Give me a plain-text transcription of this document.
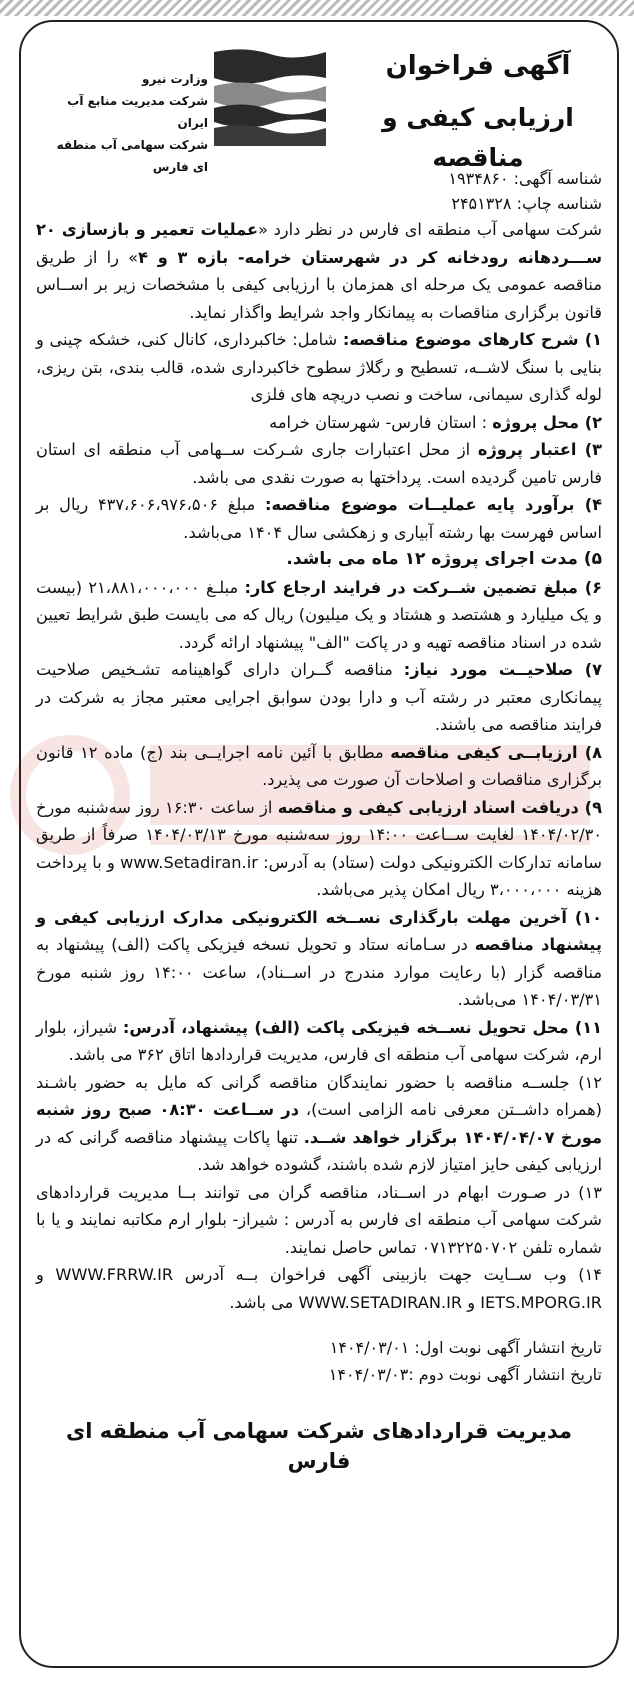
آگهی فراخوان
ارزیابی کیفی و مناقصه
وزارت نیرو
شرکت مدیریت منابع آب ایران
شرکت سهامی آب منطقه ای فارس
شناسه آگهی: ۱۹۳۴۸۶۰
شناسه چاپ: ۲۴۵۱۳۲۸

شرکت سهامی آب منطقه ای فارس در نظر دارد «عملیات تعمیر و بازسازی ۲۰ ســـردهانه رودخانه کر در شهرستان خرامه- بازه ۳ و ۴» را از طریق مناقصه عمومی یک مرحله ای همزمان با ارزیابی کیفی با مشخصات زیر بر اســاس قانون برگزاری مناقصات به پیمانکار واجد شرایط واگذار نماید.

۱) شرح کارهای موضوع مناقصه: شامل: خاکبرداری، کانال کنی، خشکه چینی و بنایی با سنگ لاشــه، تسطیح و رگلاژ سطوح خاکبرداری شده، قالب بندی، بتن ریزی، لوله گذاری سیمانی، ساخت و نصب دریچه های فلزی

۲) محل پروژه : استان فارس- شهرستان خرامه

۳) اعتبار پروژه از محل اعتبارات جاری شـرکت ســهامی آب منطقه ای استان فارس تامین گردیده است. پرداختها به صورت نقدی می باشد.

۴) برآورد پایه عملیــات موضوع مناقصه: مبلغ ۴۳۷،۶۰۶،۹۷۶،۵۰۶ ریال بر اساس فهرست بها رشته آبیاری و زهکشی سال ۱۴۰۴ می‌باشد.

۵) مدت اجرای پروژه ۱۲ ماه می باشد.

۶) مبلغ تضمین شــرکت در فرایند ارجاع کار: مبلـغ ۲۱،۸۸۱،۰۰۰،۰۰۰ (بیست و یک میلیارد و هشتصد و هشتاد و یک میلیون) ریال که می بایست طبق شرایط تعیین شده در اسناد مناقصه تهیه و در پاکت "الف" پیشنهاد ارائه گردد.

۷) صلاحیــت مورد نیاز: مناقصه گــران دارای گواهینامه تشـخیص صلاحیت پیمانکاری معتبر در رشته آب و دارا بودن سوابق اجرایی معتبر مجاز به شرکت در فرایند مناقصه می باشند.

۸) ارزیابــی کیفی مناقصه مطابق با آئین نامه اجرایــی بند (ج) ماده ۱۲ قانون برگزاری مناقصات و اصلاحات آن صورت می پذیرد.

۹) دریافت اسناد ارزیابی کیفی و مناقصه از ساعت ۱۶:۳۰ روز سه‌شنبه مورخ ۱۴۰۴/۰۲/۳۰ لغایت ســاعت ۱۴:۰۰ روز سه‌شنبه مورخ ۱۴۰۴/۰۳/۱۳ صرفاً از طریق سامانه تدارکات الکترونیکی دولت (ستاد) به آدرس: www.Setadiran.ir و با پرداخت هزینه ۳،۰۰۰،۰۰۰ ریال امکان پذیر می‌باشد.

۱۰) آخرین مهلت بارگذاری نســخه الکترونیکی مدارک ارزیابی کیفی و پیشنهاد مناقصه در سـامانه ستاد و تحویل نسخه فیزیکی پاکت (الف) پیشنهاد به مناقصه گزار (با رعایت موارد مندرج در اســناد)، ساعت ۱۴:۰۰ روز شنبه مورخ ۱۴۰۴/۰۳/۳۱ می‌باشد.

۱۱) محل تحویل نســخه فیزیکی پاکت (الف) پیشنهاد، آدرس: شیراز، بلوار ارم، شرکت سهامی آب منطقه ای فارس، مدیریت قراردادها اتاق ۳۶۲ می باشد.

۱۲) جلســه مناقصه با حضور نمایندگان مناقصه گرانی که مایل به حضور باشـند (همراه داشــتن معرفی نامه الزامی است)، در ســاعت ۰۸:۳۰ صبح روز شنبه مورخ ۱۴۰۴/۰۴/۰۷ برگزار خواهد شــد. تنها پاکات پیشنهاد مناقصه گرانی که در ارزیابی کیفی حایز امتیاز لازم شده باشند، گشوده خواهد شد.

۱۳) در صـورت ابهام در اســناد، مناقصه گران می توانند بــا مدیریت قراردادهای شرکت سهامی آب منطقه ای فارس به آدرس : شیراز- بلوار ارم مکاتبه نمایند و یا با شماره تلفن ۰۷۱۳۲۲۵۰۷۰۲ تماس حاصل نمایند.

۱۴) وب ســایت جهت بازبینی آگهی فراخوان بــه آدرس WWW.FRRW.IR و IETS.MPORG.IR و WWW.SETADIRAN.IR می باشد.

تاریخ انتشار آگهی نوبت اول: ۱۴۰۴/۰۳/۰۱
تاریخ انتشار آگهی نوبت دوم :۱۴۰۴/۰۳/۰۳
مدیریت قراردادهای شرکت سهامی آب منطقه ای فارس
